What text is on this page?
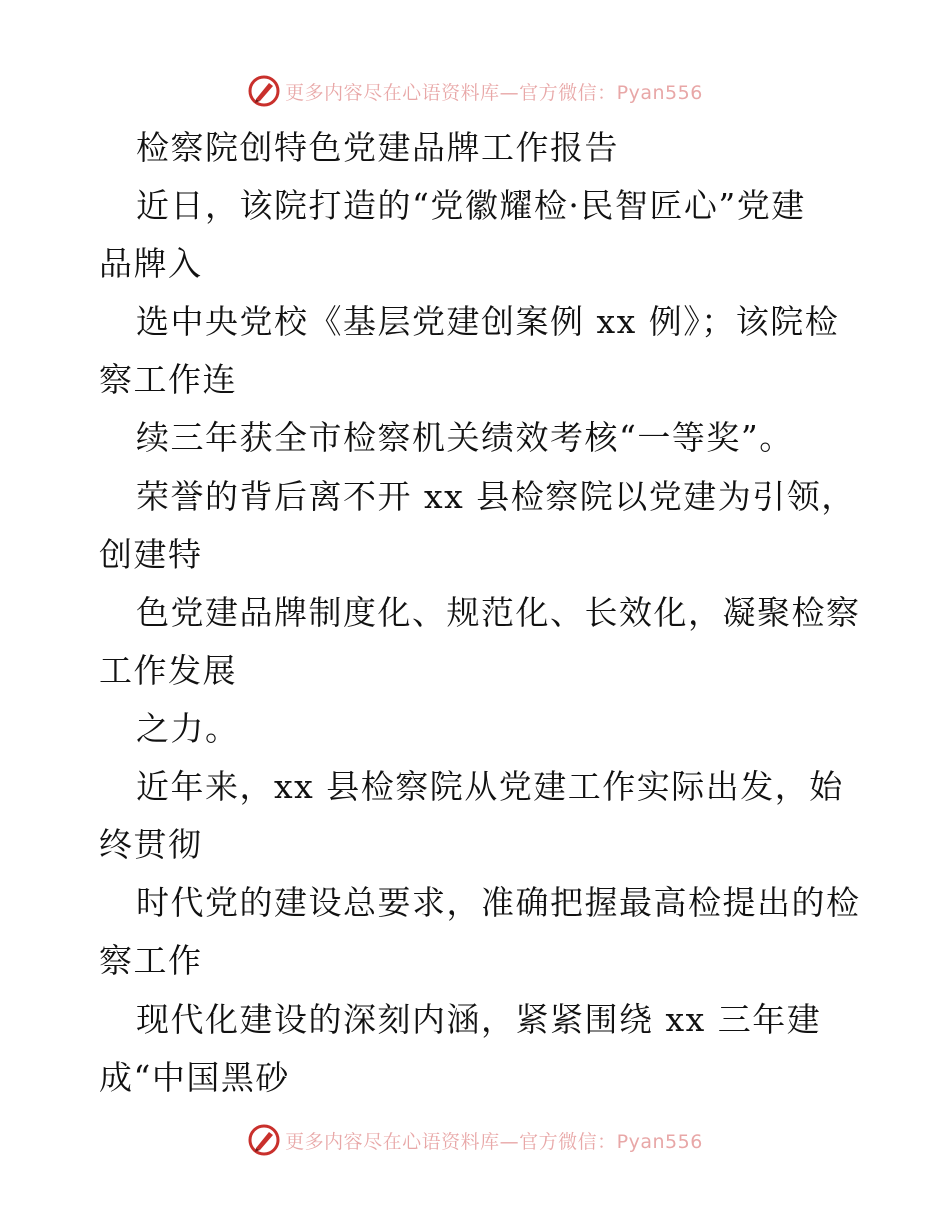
更多内容尽在心语资料库—官方微信：Pyan556
检察院创特色党建品牌工作报告
近日，该院打造的“党徽耀检·民智匠心”党建
品牌入
选中央党校《基层党建创案例 xx 例》；该院检
察工作连
续三年获全市检察机关绩效考核“一等奖”。
荣誉的背后离不开 xx 县检察院以党建为引领，
创建特
色党建品牌制度化、规范化、长效化，凝聚检察
工作发展
之力。
近年来，xx 县检察院从党建工作实际出发，始
终贯彻
时代党的建设总要求，准确把握最高检提出的检
察工作
现代化建设的深刻内涵，紧紧围绕 xx 三年建
成“中国黑砂
更多内容尽在心语资料库—官方微信：Pyan556
